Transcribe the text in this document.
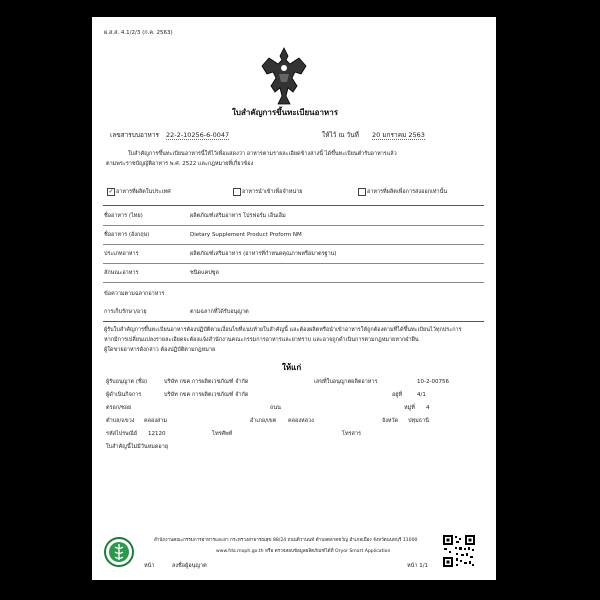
ผ.ส.ส. 4.1/2/3 (ก.ค. 2563)
ใบสำคัญการขึ้นทะเบียนอาหาร
เลขสารบบอาหาร 22-2-10256-6-0047	ให้ไว้ ณ วันที่ 20 มกราคม 2563
ใบสำคัญการขึ้นทะเบียนอาหารนี้ให้ไว้เพื่อแสดงว่า อาหารตามรายละเอียดข้างล่างนี้ ได้ขึ้นทะเบียนตำรับอาหารแล้ว
ตามพระราชบัญญัติอาหาร พ.ศ. 2522 และกฎหมายที่เกี่ยวข้อง
✓ อาหารที่ผลิตในประเทศ	อาหารนำเข้าเพื่อจำหน่าย	อาหารที่ผลิตเพื่อการส่งออกเท่านั้น
ชื่ออาหาร (ไทย)	ผลิตภัณฑ์เสริมอาหาร โปรฟอร์ม เอ็นเอ็ม
ชื่ออาหาร (อังกฤษ)	Dietary Supplement Product Proform NM
ประเภทอาหาร	ผลิตภัณฑ์เสริมอาหาร (อาหารที่กำหนดคุณภาพหรือมาตรฐาน)
ลักษณะอาหาร	ชนิดแคปซูล
ข้อความตามฉลากอาหาร
การเก็บรักษา/อายุ	ตามฉลากที่ได้รับอนุญาต
ผู้รับใบสำคัญการขึ้นทะเบียนอาหารต้องปฏิบัติตามเงื่อนไขที่แนบท้ายใบสำคัญนี้ และต้องผลิตหรือนำเข้าอาหารให้ถูกต้องตามที่ได้ขึ้นทะเบียนไว้ทุกประการ
หากมีการเปลี่ยนแปลงรายละเอียดจะต้องแจ้งสำนักงานคณะกรรมการอาหารและยาทราบ และอาจถูกดำเนินการตามกฎหมายหากฝ่าฝืน
ผู้ใดขายอาหารดังกล่าว ต้องปฏิบัติตามกฎหมาย
ให้แก่
ผู้รับอนุญาต (ชื่อ)	บริษัท กขค การผลิตเวชภัณฑ์ จำกัด	เลขที่ใบอนุญาตผลิตอาหาร	10-2-00756
ผู้ดำเนินกิจการ	บริษัท กขค การผลิตเวชภัณฑ์ จำกัด	อยู่ที่	4/1
ตรอก/ซอย	ถนน	หมู่ที่ 4
ตำบล/แขวง คลองสาม	อำเภอ/เขต คลองหลวง	จังหวัด ปทุมธานี
รหัสไปรษณีย์ 12120	โทรศัพท์	โทรสาร
ใบสำคัญนี้ไม่มีวันหมดอายุ
สำนักงานคณะกรรมการอาหารและยา กระทรวงสาธารณสุข 88/24 ถนนติวานนท์ ตำบลตลาดขวัญ อำเภอเมือง จังหวัดนนทบุรี 11000
www.fda.moph.go.th หรือ ตรวจสอบข้อมูลผลิตภัณฑ์ได้ที่ Oryor Smart Application
หน้า	ลงชื่อผู้อนุญาต	หน้า 1/1
